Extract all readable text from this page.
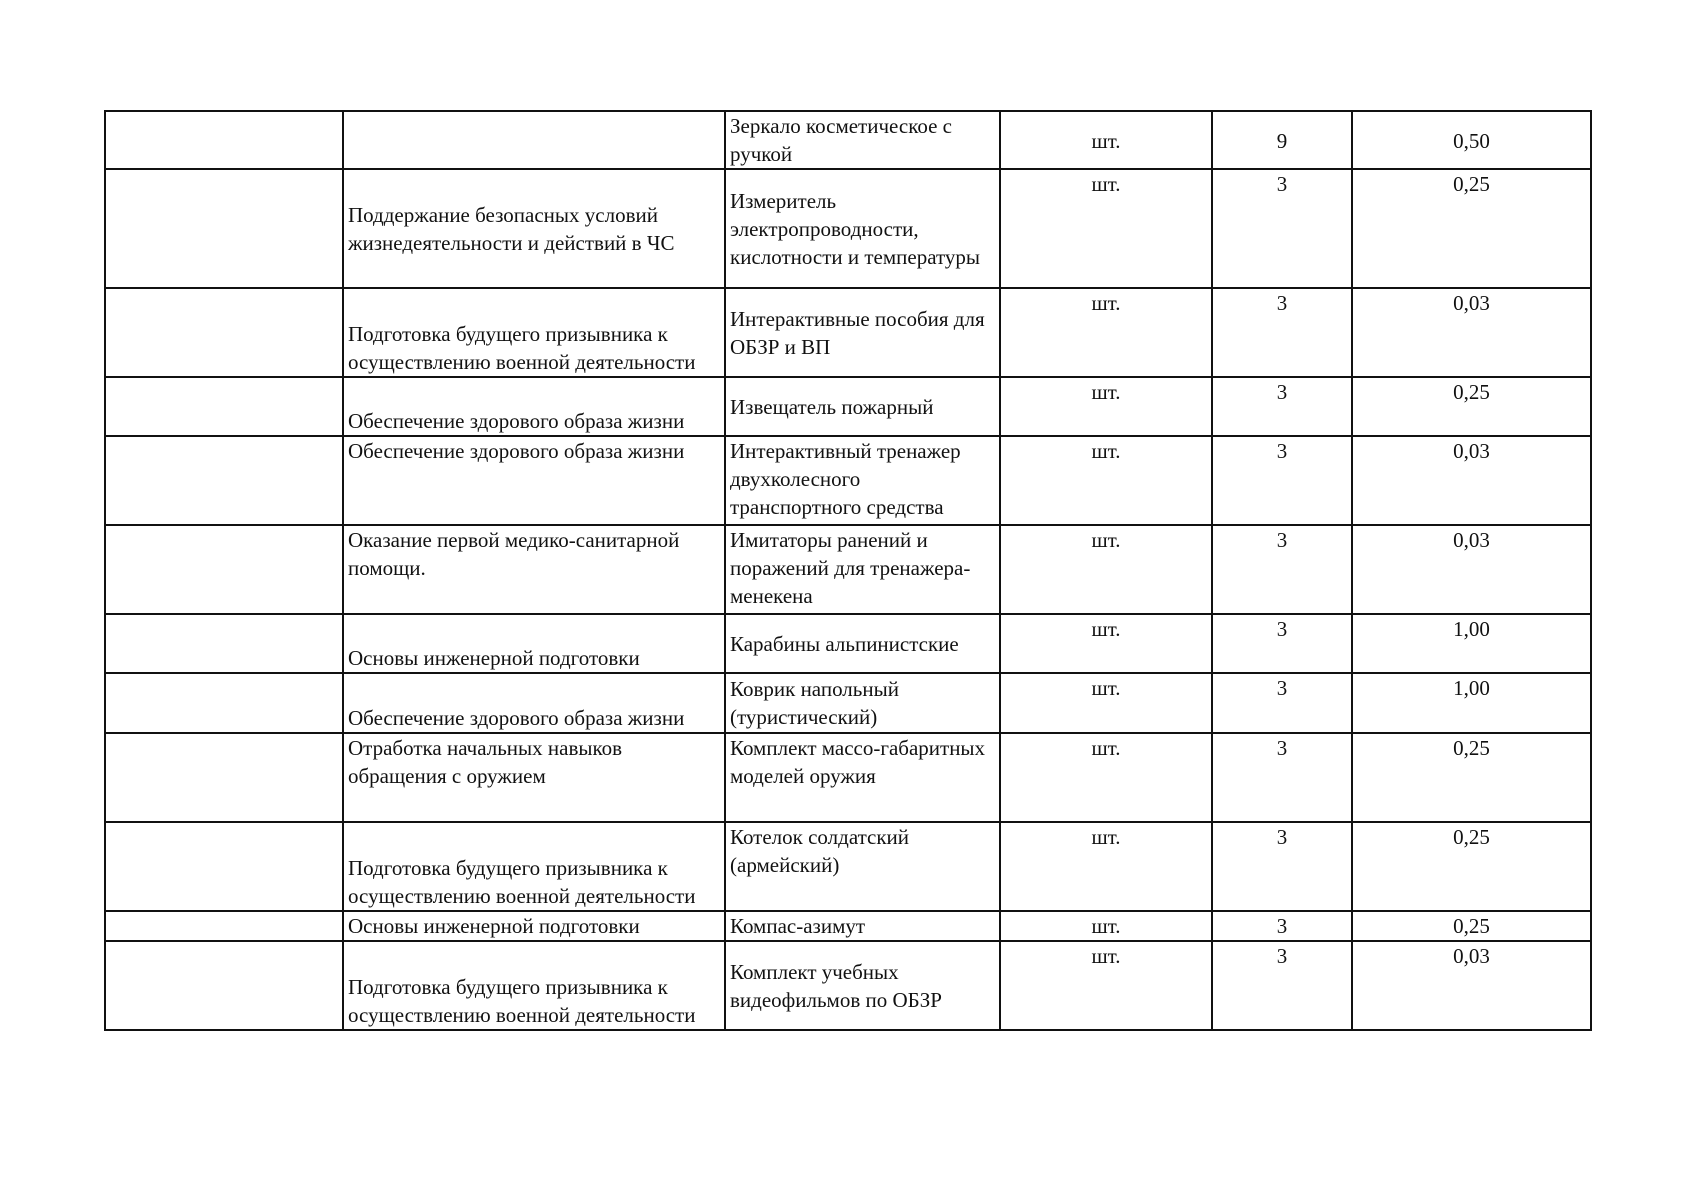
		Зеркало косметическое с ручкой	шт.	9	0,50

	Поддержание безопасных условий жизнедеятельности и действий в ЧС	Измеритель электропроводности, кислотности и температуры	шт.	3	0,25
	Подготовка будущего призывника к осуществлению военной деятельности	Интерактивные пособия для ОБЗР и ВП	шт.	3	0,03
	Обеспечение здорового образа жизни	Извещатель пожарный	шт.	3	0,25
	Обеспечение здорового образа жизни	Интерактивный тренажер двухколесного транспортного средства	шт.	3	0,03
	Оказание первой медико-санитарной помощи.	Имитаторы ранений и поражений для тренажера-менекена	шт.	3	0,03
	Основы инженерной подготовки	Карабины альпинистские	шт.	3	1,00
	Обеспечение здорового образа жизни	Коврик напольный (туристический)	шт.	3	1,00
	Отработка начальных навыков обращения с оружием	Комплект массо-габаритных моделей оружия	шт.	3	0,25
	Подготовка будущего призывника к осуществлению военной деятельности	Котелок солдатский (армейский)	шт.	3	0,25
	Основы инженерной подготовки	Компас-азимут	шт.	3	0,25
	Подготовка будущего призывника к осуществлению военной деятельности	Комплект учебных видеофильмов по ОБЗР	шт.	3	0,03
